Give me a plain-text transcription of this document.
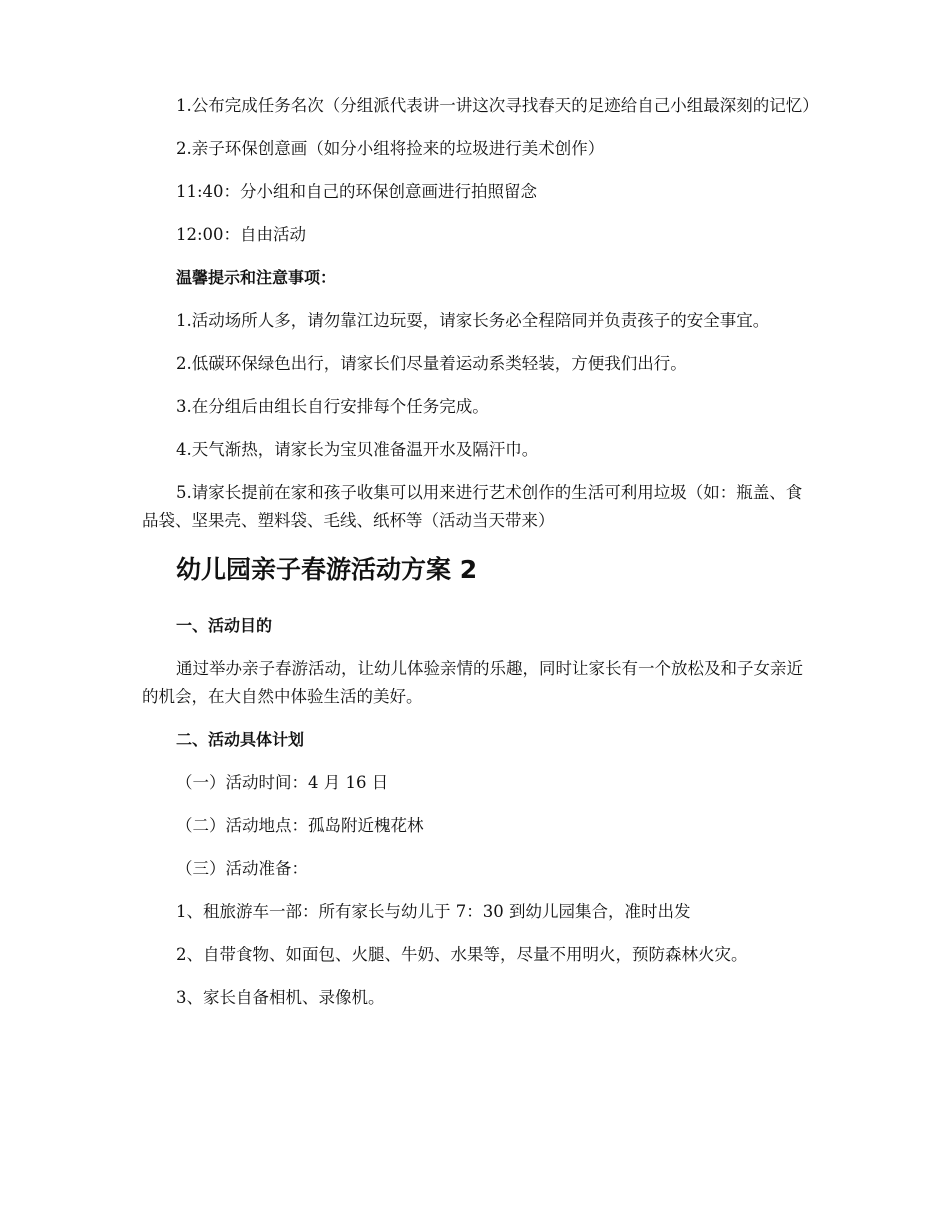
1.公布完成任务名次（分组派代表讲一讲这次寻找春天的足迹给自己小组最深刻的记忆）

2.亲子环保创意画（如分小组将捡来的垃圾进行美术创作）

11:40：分小组和自己的环保创意画进行拍照留念

12:00：自由活动

温馨提示和注意事项：

1.活动场所人多，请勿靠江边玩耍，请家长务必全程陪同并负责孩子的安全事宜。

2.低碳环保绿色出行，请家长们尽量着运动系类轻装，方便我们出行。

3.在分组后由组长自行安排每个任务完成。

4.天气渐热，请家长为宝贝准备温开水及隔汗巾。

5.请家长提前在家和孩子收集可以用来进行艺术创作的生活可利用垃圾（如：瓶盖、食品袋、坚果壳、塑料袋、毛线、纸杯等（活动当天带来）

幼儿园亲子春游活动方案 2

一、活动目的

通过举办亲子春游活动，让幼儿体验亲情的乐趣，同时让家长有一个放松及和子女亲近的机会，在大自然中体验生活的美好。

二、活动具体计划

（一）活动时间：4 月 16 日

（二）活动地点：孤岛附近槐花林

（三）活动准备：

1、租旅游车一部：所有家长与幼儿于 7：30 到幼儿园集合，准时出发

2、自带食物、如面包、火腿、牛奶、水果等，尽量不用明火，预防森林火灾。

3、家长自备相机、录像机。
